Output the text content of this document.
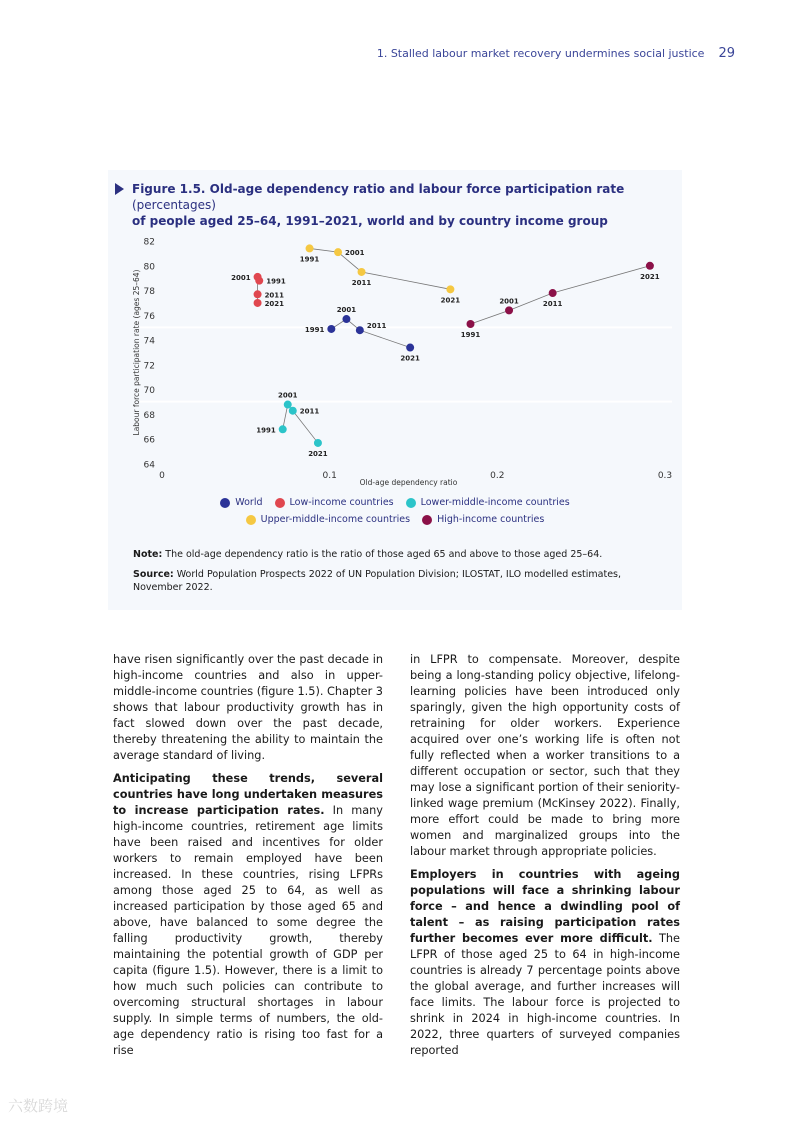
1. Stalled labour market recovery undermines social justice 29
Figure 1.5. Old-age dependency ratio and labour force participation rate (percentages)
of people aged 25–64, 1991–2021, world and by country income group
64
66
68
70
72
74
76
78
80
82
0	0.1	0.2	0.3
Old-age dependency ratio
Labour force participation rate (ages 25–64)	1991
2001
2011
2021
1991
2001
2011
2021
1991
2001
2011
2021
1991
2001
2011
2021
1991
2001	2011
2021
World	Low-income countries	Lower-middle-income countries
Upper-middle-income countries	High-income countries

Note: The old-age dependency ratio is the ratio of those aged 65 and above to those aged 25–64.

Source: World Population Prospects 2022 of UN Population Division; ILOSTAT, ILO modelled estimates, November 2022.

have risen significantly over the past decade in high-income countries and also in upper-middle-income countries (figure 1.5). Chapter 3 shows that labour productivity growth has in fact slowed down over the past decade, thereby threatening the ability to maintain the average standard of living.

Anticipating these trends, several countries have long undertaken measures to increase participation rates. In many high-income countries, retirement age limits have been raised and incentives for older workers to remain employed have been increased. In these countries, rising LFPRs among those aged 25 to 64, as well as increased participation by those aged 65 and above, have balanced to some degree the falling productivity growth, thereby maintaining the potential growth of GDP per capita (figure 1.5). However, there is a limit to how much such policies can contribute to overcoming structural shortages in labour supply. In simple terms of numbers, the old-age dependency ratio is rising too fast for a rise

in LFPR to compensate. Moreover, despite being a long-standing policy objective, lifelong-learning policies have been introduced only sparingly, given the high opportunity costs of retraining for older workers. Experience acquired over one’s working life is often not fully reflected when a worker transitions to a different occupation or sector, such that they may lose a significant portion of their seniority-linked wage premium (McKinsey 2022). Finally, more effort could be made to bring more women and marginalized groups into the labour market through appropriate policies.

Employers in countries with ageing populations will face a shrinking labour force – and hence a dwindling pool of talent – as raising participation rates further becomes ever more difficult. The LFPR of those aged 25 to 64 in high-income countries is already 7 percentage points above the global average, and further increases will face limits. The labour force is projected to shrink in 2024 in high-income countries. In 2022, three quarters of surveyed companies reported

六数跨境
